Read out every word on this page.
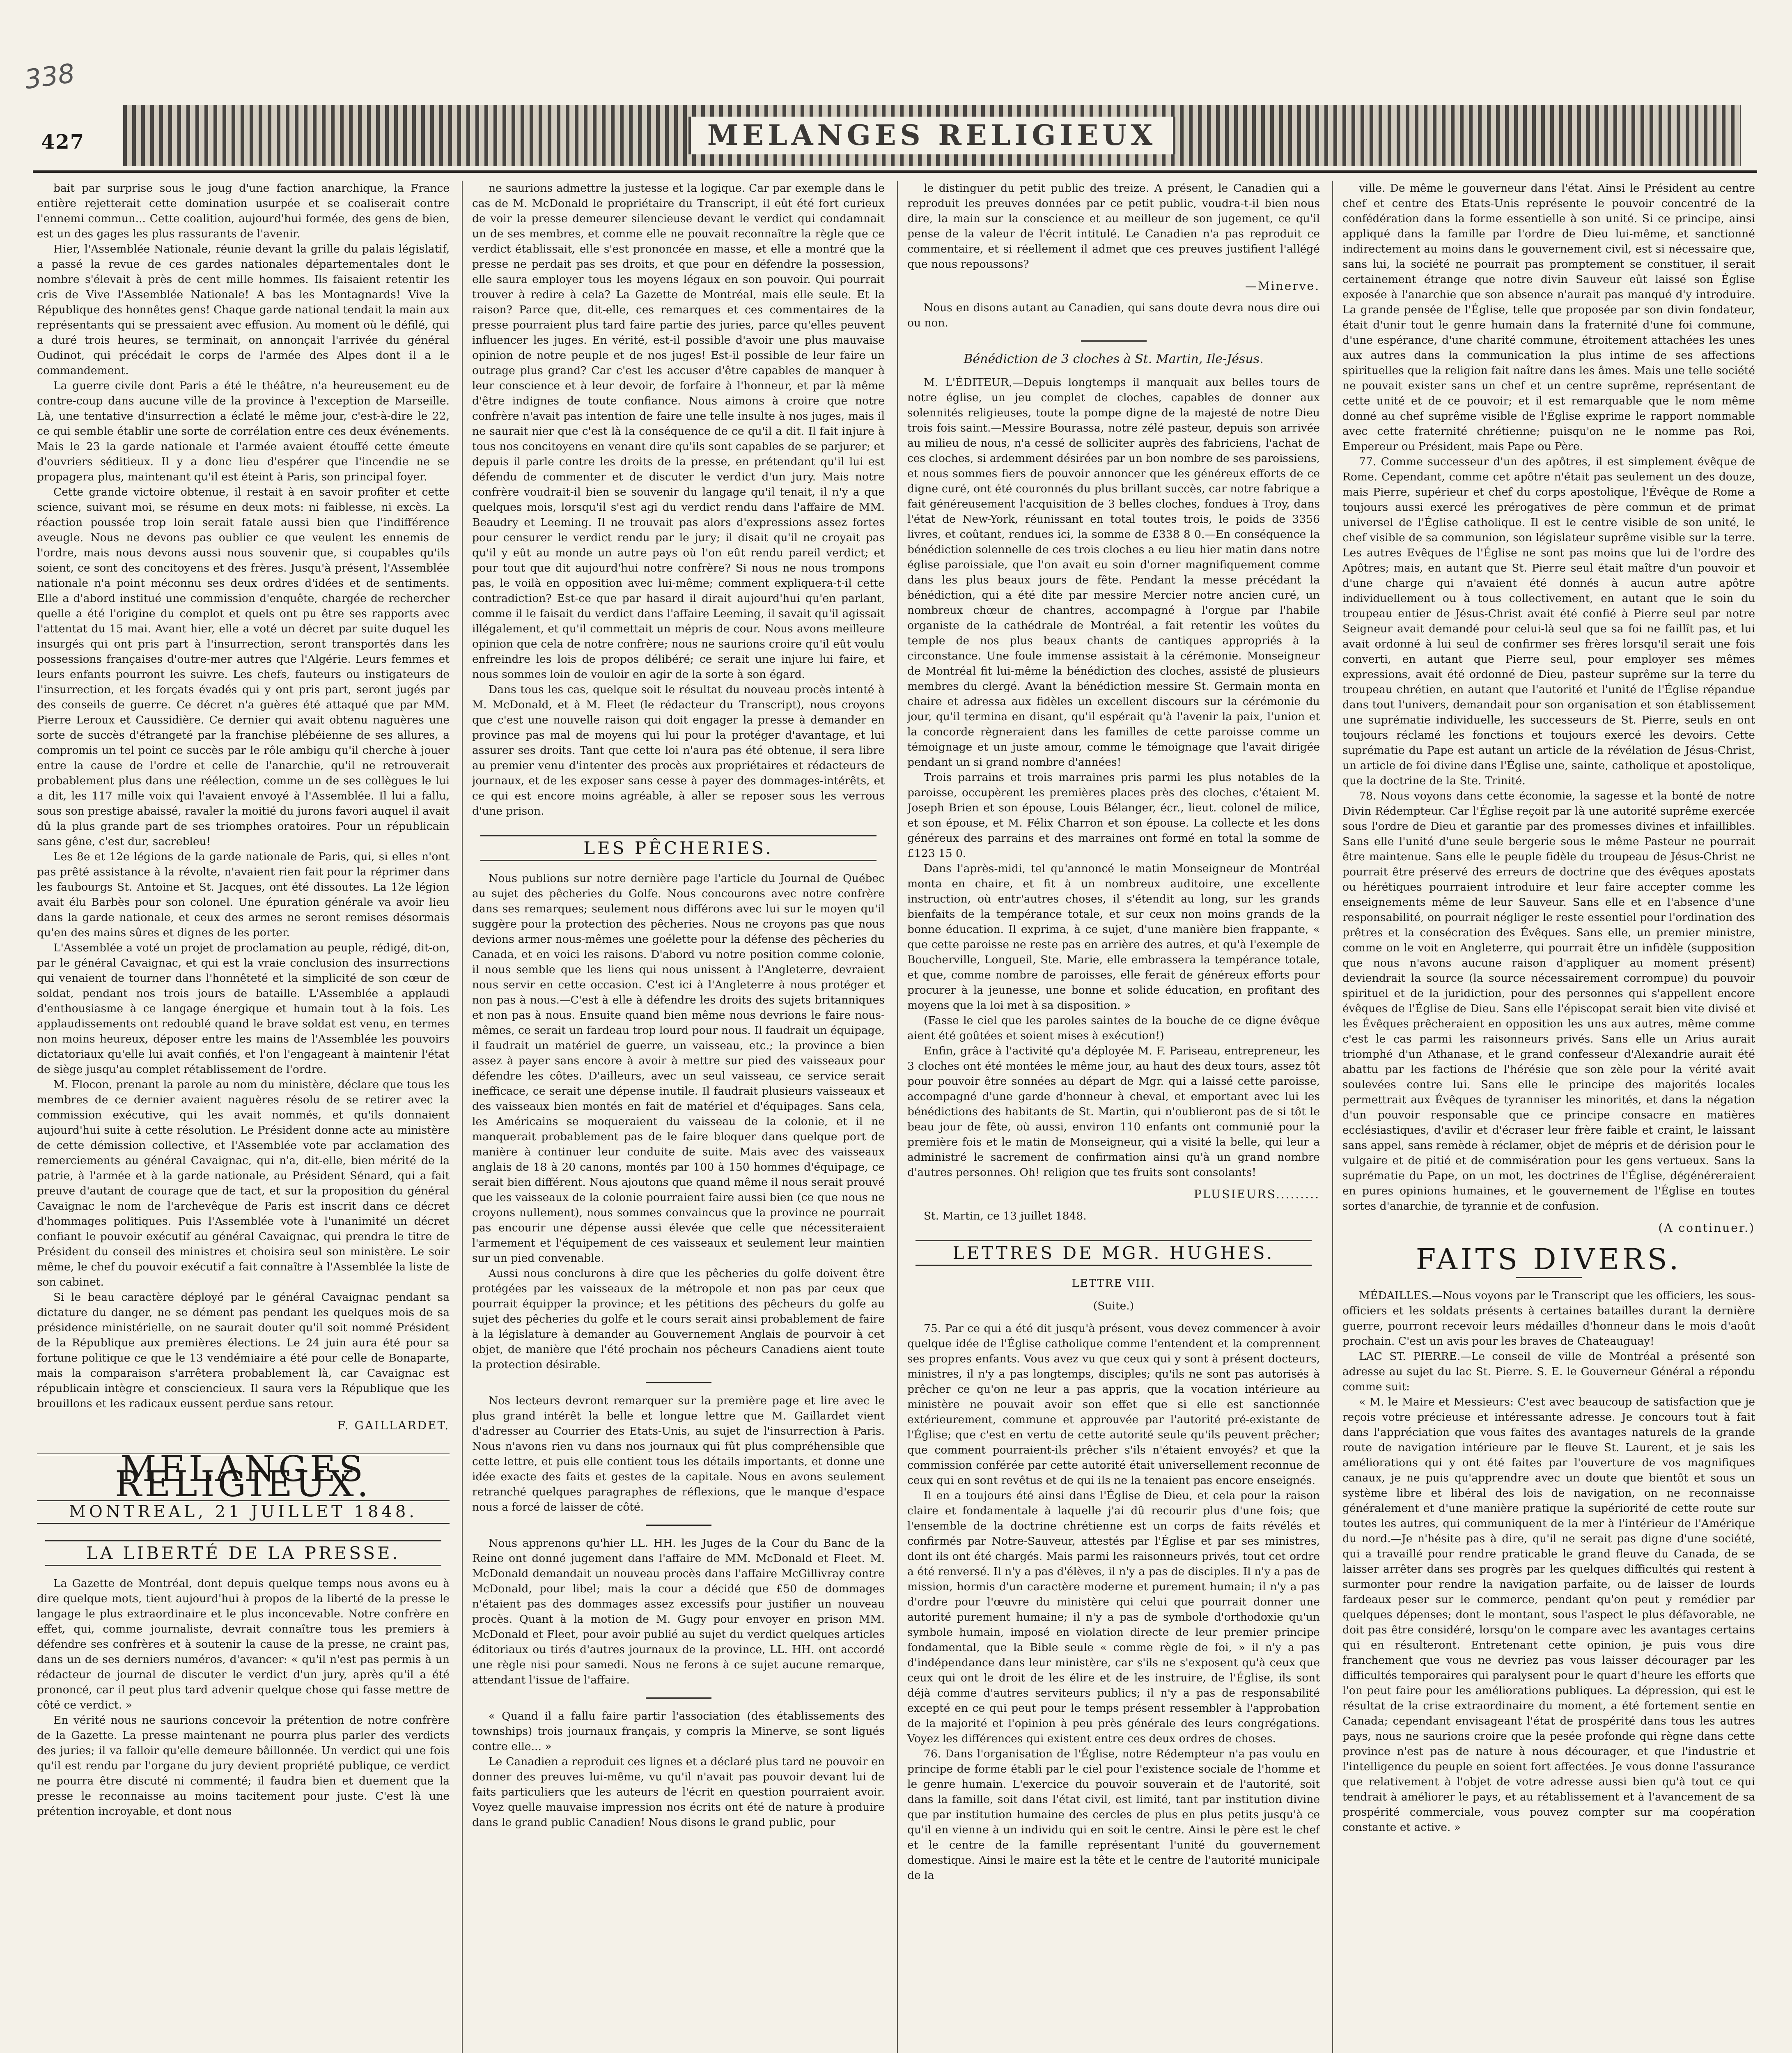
338
427	MELANGES RELIGIEUX

bait par surprise sous le joug d'une faction anarchique, la France entière rejetterait cette domination usurpée et se coaliserait contre l'ennemi commun... Cette coalition, aujourd'hui formée, des gens de bien, est un des gages les plus rassurants de l'avenir.

Hier, l'Assemblée Nationale, réunie devant la grille du palais législatif, a passé la revue de ces gardes nationales départementales dont le nombre s'élevait à près de cent mille hommes. Ils faisaient retentir les cris de Vive l'Assemblée Nationale! A bas les Montagnards! Vive la République des honnêtes gens! Chaque garde national tendait la main aux représentants qui se pressaient avec effusion. Au moment où le défilé, qui a duré trois heures, se terminait, on annonçait l'arrivée du général Oudinot, qui précédait le corps de l'armée des Alpes dont il a le commandement.

La guerre civile dont Paris a été le théâtre, n'a heureusement eu de contre-coup dans aucune ville de la province à l'exception de Marseille. Là, une tentative d'insurrection a éclaté le même jour, c'est-à-dire le 22, ce qui semble établir une sorte de corrélation entre ces deux événements. Mais le 23 la garde nationale et l'armée avaient étouffé cette émeute d'ouvriers séditieux. Il y a donc lieu d'espérer que l'incendie ne se propagera plus, maintenant qu'il est éteint à Paris, son principal foyer.

Cette grande victoire obtenue, il restait à en savoir profiter et cette science, suivant moi, se résume en deux mots: ni faiblesse, ni excès. La réaction poussée trop loin serait fatale aussi bien que l'indifférence aveugle. Nous ne devons pas oublier ce que veulent les ennemis de l'ordre, mais nous devons aussi nous souvenir que, si coupables qu'ils soient, ce sont des concitoyens et des frères. Jusqu'à présent, l'Assemblée nationale n'a point méconnu ses deux ordres d'idées et de sentiments. Elle a d'abord institué une commission d'enquête, chargée de rechercher quelle a été l'origine du complot et quels ont pu être ses rapports avec l'attentat du 15 mai. Avant hier, elle a voté un décret par suite duquel les insurgés qui ont pris part à l'insurrection, seront transportés dans les possessions françaises d'outre-mer autres que l'Algérie. Leurs femmes et leurs enfants pourront les suivre. Les chefs, fauteurs ou instigateurs de l'insurrection, et les forçats évadés qui y ont pris part, seront jugés par des conseils de guerre. Ce décret n'a guères été attaqué que par MM. Pierre Leroux et Caussidière. Ce dernier qui avait obtenu naguères une sorte de succès d'étrangeté par la franchise plébéienne de ses allures, a compromis un tel point ce succès par le rôle ambigu qu'il cherche à jouer entre la cause de l'ordre et celle de l'anarchie, qu'il ne retrouverait probablement plus dans une réélection, comme un de ses collègues le lui a dit, les 117 mille voix qui l'avaient envoyé à l'Assemblée. Il lui a fallu, sous son prestige abaissé, ravaler la moitié du jurons favori auquel il avait dû la plus grande part de ses triomphes oratoires. Pour un républicain sans gêne, c'est dur, sacrebleu!

Les 8e et 12e légions de la garde nationale de Paris, qui, si elles n'ont pas prêté assistance à la révolte, n'avaient rien fait pour la réprimer dans les faubourgs St. Antoine et St. Jacques, ont été dissoutes. La 12e légion avait élu Barbès pour son colonel. Une épuration générale va avoir lieu dans la garde nationale, et ceux des armes ne seront remises désormais qu'en des mains sûres et dignes de les porter.

L'Assemblée a voté un projet de proclamation au peuple, rédigé, dit-on, par le général Cavaignac, et qui est la vraie conclusion des insurrections qui venaient de tourner dans l'honnêteté et la simplicité de son cœur de soldat, pendant nos trois jours de bataille. L'Assemblée a applaudi d'enthousiasme à ce langage énergique et humain tout à la fois. Les applaudissements ont redoublé quand le brave soldat est venu, en termes non moins heureux, déposer entre les mains de l'Assemblée les pouvoirs dictatoriaux qu'elle lui avait confiés, et l'on l'engageant à maintenir l'état de siège jusqu'au complet rétablissement de l'ordre.

M. Flocon, prenant la parole au nom du ministère, déclare que tous les membres de ce dernier avaient naguères résolu de se retirer avec la commission exécutive, qui les avait nommés, et qu'ils donnaient aujourd'hui suite à cette résolution. Le Président donne acte au ministère de cette démission collective, et l'Assemblée vote par acclamation des remerciements au général Cavaignac, qui n'a, dit-elle, bien mérité de la patrie, à l'armée et à la garde nationale, au Président Sénard, qui a fait preuve d'autant de courage que de tact, et sur la proposition du général Cavaignac le nom de l'archevêque de Paris est inscrit dans ce décret d'hommages politiques. Puis l'Assemblée vote à l'unanimité un décret confiant le pouvoir exécutif au général Cavaignac, qui prendra le titre de Président du conseil des ministres et choisira seul son ministère. Le soir même, le chef du pouvoir exécutif a fait connaître à l'Assemblée la liste de son cabinet.

Si le beau caractère déployé par le général Cavaignac pendant sa dictature du danger, ne se dément pas pendant les quelques mois de sa présidence ministérielle, on ne saurait douter qu'il soit nommé Président de la République aux premières élections. Le 24 juin aura été pour sa fortune politique ce que le 13 vendémiaire a été pour celle de Bonaparte, mais la comparaison s'arrêtera probablement là, car Cavaignac est républicain intègre et consciencieux. Il saura vers la République que les brouillons et les radicaux eussent perdue sans retour.

F. GAILLARDET.
MELANGES RELIGIEUX.
MONTREAL, 21 JUILLET 1848.
LA LIBERTÉ DE LA PRESSE.

La Gazette de Montréal, dont depuis quelque temps nous avons eu à dire quelque mots, tient aujourd'hui à propos de la liberté de la presse le langage le plus extraordinaire et le plus inconcevable. Notre confrère en effet, qui, comme journaliste, devrait connaître tous les premiers à défendre ses confrères et à soutenir la cause de la presse, ne craint pas, dans un de ses derniers numéros, d'avancer: « qu'il n'est pas permis à un rédacteur de journal de discuter le verdict d'un jury, après qu'il a été prononcé, car il peut plus tard advenir quelque chose qui fasse mettre de côté ce verdict. »

En vérité nous ne saurions concevoir la prétention de notre confrère de la Gazette. La presse maintenant ne pourra plus parler des verdicts des juries; il va falloir qu'elle demeure bâillonnée. Un verdict qui une fois qu'il est rendu par l'organe du jury devient propriété publique, ce verdict ne pourra être discuté ni commenté; il faudra bien et duement que la presse le reconnaisse au moins tacitement pour juste. C'est là une prétention incroyable, et dont nous

ne saurions admettre la justesse et la logique. Car par exemple dans le cas de M. McDonald le propriétaire du Transcript, il eût été fort curieux de voir la presse demeurer silencieuse devant le verdict qui condamnait un de ses membres, et comme elle ne pouvait reconnaître la règle que ce verdict établissait, elle s'est prononcée en masse, et elle a montré que la presse ne perdait pas ses droits, et que pour en défendre la possession, elle saura employer tous les moyens légaux en son pouvoir. Qui pourrait trouver à redire à cela? La Gazette de Montréal, mais elle seule. Et la raison? Parce que, dit-elle, ces remarques et ces commentaires de la presse pourraient plus tard faire partie des juries, parce qu'elles peuvent influencer les juges. En vérité, est-il possible d'avoir une plus mauvaise opinion de notre peuple et de nos juges! Est-il possible de leur faire un outrage plus grand? Car c'est les accuser d'être capables de manquer à leur conscience et à leur devoir, de forfaire à l'honneur, et par là même d'être indignes de toute confiance. Nous aimons à croire que notre confrère n'avait pas intention de faire une telle insulte à nos juges, mais il ne saurait nier que c'est là la conséquence de ce qu'il a dit. Il fait injure à tous nos concitoyens en venant dire qu'ils sont capables de se parjurer; et depuis il parle contre les droits de la presse, en prétendant qu'il lui est défendu de commenter et de discuter le verdict d'un jury. Mais notre confrère voudrait-il bien se souvenir du langage qu'il tenait, il n'y a que quelques mois, lorsqu'il s'est agi du verdict rendu dans l'affaire de MM. Beaudry et Leeming. Il ne trouvait pas alors d'expressions assez fortes pour censurer le verdict rendu par le jury; il disait qu'il ne croyait pas qu'il y eût au monde un autre pays où l'on eût rendu pareil verdict; et pour tout que dit aujourd'hui notre confrère? Si nous ne nous trompons pas, le voilà en opposition avec lui-même; comment expliquera-t-il cette contradiction? Est-ce que par hasard il dirait aujourd'hui qu'en parlant, comme il le faisait du verdict dans l'affaire Leeming, il savait qu'il agissait illégalement, et qu'il commettait un mépris de cour. Nous avons meilleure opinion que cela de notre confrère; nous ne saurions croire qu'il eût voulu enfreindre les lois de propos délibéré; ce serait une injure lui faire, et nous sommes loin de vouloir en agir de la sorte à son égard.

Dans tous les cas, quelque soit le résultat du nouveau procès intenté à M. McDonald, et à M. Fleet (le rédacteur du Transcript), nous croyons que c'est une nouvelle raison qui doit engager la presse à demander en province pas mal de moyens qui lui pour la protéger d'avantage, et lui assurer ses droits. Tant que cette loi n'aura pas été obtenue, il sera libre au premier venu d'intenter des procès aux propriétaires et rédacteurs de journaux, et de les exposer sans cesse à payer des dommages-intérêts, et ce qui est encore moins agréable, à aller se reposer sous les verrous d'une prison.

LES PÊCHERIES.

Nous publions sur notre dernière page l'article du Journal de Québec au sujet des pêcheries du Golfe. Nous concourons avec notre confrère dans ses remarques; seulement nous différons avec lui sur le moyen qu'il suggère pour la protection des pêcheries. Nous ne croyons pas que nous devions armer nous-mêmes une goélette pour la défense des pêcheries du Canada, et en voici les raisons. D'abord vu notre position comme colonie, il nous semble que les liens qui nous unissent à l'Angleterre, devraient nous servir en cette occasion. C'est ici à l'Angleterre à nous protéger et non pas à nous.—C'est à elle à défendre les droits des sujets britanniques et non pas à nous. Ensuite quand bien même nous devrions le faire nous-mêmes, ce serait un fardeau trop lourd pour nous. Il faudrait un équipage, il faudrait un matériel de guerre, un vaisseau, etc.; la province a bien assez à payer sans encore à avoir à mettre sur pied des vaisseaux pour défendre les côtes. D'ailleurs, avec un seul vaisseau, ce service serait inefficace, ce serait une dépense inutile. Il faudrait plusieurs vaisseaux et des vaisseaux bien montés en fait de matériel et d'équipages. Sans cela, les Américains se moqueraient du vaisseau de la colonie, et il ne manquerait probablement pas de le faire bloquer dans quelque port de manière à continuer leur conduite de suite. Mais avec des vaisseaux anglais de 18 à 20 canons, montés par 100 à 150 hommes d'équipage, ce serait bien différent. Nous ajoutons que quand même il nous serait prouvé que les vaisseaux de la colonie pourraient faire aussi bien (ce que nous ne croyons nullement), nous sommes convaincus que la province ne pourrait pas encourir une dépense aussi élevée que celle que nécessiteraient l'armement et l'équipement de ces vaisseaux et seulement leur maintien sur un pied convenable.

Aussi nous conclurons à dire que les pêcheries du golfe doivent être protégées par les vaisseaux de la métropole et non pas par ceux que pourrait équipper la province; et les pétitions des pêcheurs du golfe au sujet des pêcheries du golfe et le cours serait ainsi probablement de faire à la législature à demander au Gouvernement Anglais de pourvoir à cet objet, de manière que l'été prochain nos pêcheurs Canadiens aient toute la protection désirable.

Nos lecteurs devront remarquer sur la première page et lire avec le plus grand intérêt la belle et longue lettre que M. Gaillardet vient d'adresser au Courrier des Etats-Unis, au sujet de l'insurrection à Paris. Nous n'avons rien vu dans nos journaux qui fût plus compréhensible que cette lettre, et puis elle contient tous les détails importants, et donne une idée exacte des faits et gestes de la capitale. Nous en avons seulement retranché quelques paragraphes de réflexions, que le manque d'espace nous a forcé de laisser de côté.

Nous apprenons qu'hier LL. HH. les Juges de la Cour du Banc de la Reine ont donné jugement dans l'affaire de MM. McDonald et Fleet. M. McDonald demandait un nouveau procès dans l'affaire McGillivray contre McDonald, pour libel; mais la cour a décidé que £50 de dommages n'étaient pas des dommages assez excessifs pour justifier un nouveau procès. Quant à la motion de M. Gugy pour envoyer en prison MM. McDonald et Fleet, pour avoir publié au sujet du verdict quelques articles éditoriaux ou tirés d'autres journaux de la province, LL. HH. ont accordé une règle nisi pour samedi. Nous ne ferons à ce sujet aucune remarque, attendant l'issue de l'affaire.

« Quand il a fallu faire partir l'association (des établissements des townships) trois journaux français, y compris la Minerve, se sont ligués contre elle... »

Le Canadien a reproduit ces lignes et a déclaré plus tard ne pouvoir en donner des preuves lui-même, vu qu'il n'avait pas pouvoir devant lui de faits particuliers que les auteurs de l'écrit en question pourraient avoir. Voyez quelle mauvaise impression nos écrits ont été de nature à produire dans le grand public Canadien! Nous disons le grand public, pour

le distinguer du petit public des treize. A présent, le Canadien qui a reproduit les preuves données par ce petit public, voudra-t-il bien nous dire, la main sur la conscience et au meilleur de son jugement, ce qu'il pense de la valeur de l'écrit intitulé. Le Canadien n'a pas reproduit ce commentaire, et si réellement il admet que ces preuves justifient l'allégé que nous repoussons?

—Minerve.

Nous en disons autant au Canadien, qui sans doute devra nous dire oui ou non.

Bénédiction de 3 cloches à St. Martin, Ile-Jésus.

M. L'ÉDITEUR,—Depuis longtemps il manquait aux belles tours de notre église, un jeu complet de cloches, capables de donner aux solennités religieuses, toute la pompe digne de la majesté de notre Dieu trois fois saint.—Messire Bourassa, notre zélé pasteur, depuis son arrivée au milieu de nous, n'a cessé de solliciter auprès des fabriciens, l'achat de ces cloches, si ardemment désirées par un bon nombre de ses paroissiens, et nous sommes fiers de pouvoir annoncer que les généreux efforts de ce digne curé, ont été couronnés du plus brillant succès, car notre fabrique a fait généreusement l'acquisition de 3 belles cloches, fondues à Troy, dans l'état de New-York, réunissant en total toutes trois, le poids de 3356 livres, et coûtant, rendues ici, la somme de £338 8 0.—En conséquence la bénédiction solennelle de ces trois cloches a eu lieu hier matin dans notre église paroissiale, que l'on avait eu soin d'orner magnifiquement comme dans les plus beaux jours de fête. Pendant la messe précédant la bénédiction, qui a été dite par messire Mercier notre ancien curé, un nombreux chœur de chantres, accompagné à l'orgue par l'habile organiste de la cathédrale de Montréal, a fait retentir les voûtes du temple de nos plus beaux chants de cantiques appropriés à la circonstance. Une foule immense assistait à la cérémonie. Monseigneur de Montréal fit lui-même la bénédiction des cloches, assisté de plusieurs membres du clergé. Avant la bénédiction messire St. Germain monta en chaire et adressa aux fidèles un excellent discours sur la cérémonie du jour, qu'il termina en disant, qu'il espérait qu'à l'avenir la paix, l'union et la concorde règneraient dans les familles de cette paroisse comme un témoignage et un juste amour, comme le témoignage que l'avait dirigée pendant un si grand nombre d'années!

Trois parrains et trois marraines pris parmi les plus notables de la paroisse, occupèrent les premières places près des cloches, c'étaient M. Joseph Brien et son épouse, Louis Bélanger, écr., lieut. colonel de milice, et son épouse, et M. Félix Charron et son épouse. La collecte et les dons généreux des parrains et des marraines ont formé en total la somme de £123 15 0.

Dans l'après-midi, tel qu'annoncé le matin Monseigneur de Montréal monta en chaire, et fit à un nombreux auditoire, une excellente instruction, où entr'autres choses, il s'étendit au long, sur les grands bienfaits de la tempérance totale, et sur ceux non moins grands de la bonne éducation. Il exprima, à ce sujet, d'une manière bien frappante, « que cette paroisse ne reste pas en arrière des autres, et qu'à l'exemple de Boucherville, Longueil, Ste. Marie, elle embrassera la tempérance totale, et que, comme nombre de paroisses, elle ferait de généreux efforts pour procurer à la jeunesse, une bonne et solide éducation, en profitant des moyens que la loi met à sa disposition. »

(Fasse le ciel que les paroles saintes de la bouche de ce digne évêque aient été goûtées et soient mises à exécution!)

Enfin, grâce à l'activité qu'a déployée M. F. Pariseau, entrepreneur, les 3 cloches ont été montées le même jour, au haut des deux tours, assez tôt pour pouvoir être sonnées au départ de Mgr. qui a laissé cette paroisse, accompagné d'une garde d'honneur à cheval, et emportant avec lui les bénédictions des habitants de St. Martin, qui n'oublieront pas de si tôt le beau jour de fête, où aussi, environ 110 enfants ont communié pour la première fois et le matin de Monseigneur, qui a visité la belle, qui leur a administré le sacrement de confirmation ainsi qu'à un grand nombre d'autres personnes. Oh! religion que tes fruits sont consolants!

PLUSIEURS.........

St. Martin, ce 13 juillet 1848.

LETTRES DE MGR. HUGHES.
LETTRE VIII.
(Suite.)

75. Par ce qui a été dit jusqu'à présent, vous devez commencer à avoir quelque idée de l'Église catholique comme l'entendent et la comprennent ses propres enfants. Vous avez vu que ceux qui y sont à présent docteurs, ministres, il n'y a pas longtemps, disciples; qu'ils ne sont pas autorisés à prêcher ce qu'on ne leur a pas appris, que la vocation intérieure au ministère ne pouvait avoir son effet que si elle est sanctionnée extérieurement, commune et approuvée par l'autorité pré-existante de l'Église; que c'est en vertu de cette autorité seule qu'ils peuvent prêcher; que comment pourraient-ils prêcher s'ils n'étaient envoyés? et que la commission conférée par cette autorité était universellement reconnue de ceux qui en sont revêtus et de qui ils ne la tenaient pas encore enseignés.

Il en a toujours été ainsi dans l'Église de Dieu, et cela pour la raison claire et fondamentale à laquelle j'ai dû recourir plus d'une fois; que l'ensemble de la doctrine chrétienne est un corps de faits révélés et confirmés par Notre-Sauveur, attestés par l'Église et par ses ministres, dont ils ont été chargés. Mais parmi les raisonneurs privés, tout cet ordre a été renversé. Il n'y a pas d'élèves, il n'y a pas de disciples. Il n'y a pas de mission, hormis d'un caractère moderne et purement humain; il n'y a pas d'ordre pour l'œuvre du ministère qui celui que pourrait donner une autorité purement humaine; il n'y a pas de symbole d'orthodoxie qu'un symbole humain, imposé en violation directe de leur premier principe fondamental, que la Bible seule « comme règle de foi, » il n'y a pas d'indépendance dans leur ministère, car s'ils ne s'exposent qu'à ceux que ceux qui ont le droit de les élire et de les instruire, de l'Église, ils sont déjà comme d'autres serviteurs publics; il n'y a pas de responsabilité excepté en ce qui peut pour le temps présent ressembler à l'approbation de la majorité et l'opinion à peu près générale des leurs congrégations. Voyez les différences qui existent entre ces deux ordres de choses.

76. Dans l'organisation de l'Église, notre Rédempteur n'a pas voulu en principe de forme établi par le ciel pour l'existence sociale de l'homme et le genre humain. L'exercice du pouvoir souverain et de l'autorité, soit dans la famille, soit dans l'état civil, est limité, tant par institution divine que par institution humaine des cercles de plus en plus petits jusqu'à ce qu'il en vienne à un individu qui en soit le centre. Ainsi le père est le chef et le centre de la famille représentant l'unité du gouvernement domestique. Ainsi le maire est la tête et le centre de l'autorité municipale de la

ville. De même le gouverneur dans l'état. Ainsi le Président au centre chef et centre des Etats-Unis représente le pouvoir concentré de la confédération dans la forme essentielle à son unité. Si ce principe, ainsi appliqué dans la famille par l'ordre de Dieu lui-même, et sanctionné indirectement au moins dans le gouvernement civil, est si nécessaire que, sans lui, la société ne pourrait pas promptement se constituer, il serait certainement étrange que notre divin Sauveur eût laissé son Église exposée à l'anarchie que son absence n'aurait pas manqué d'y introduire. La grande pensée de l'Église, telle que proposée par son divin fondateur, était d'unir tout le genre humain dans la fraternité d'une foi commune, d'une espérance, d'une charité commune, étroitement attachées les unes aux autres dans la communication la plus intime de ses affections spirituelles que la religion fait naître dans les âmes. Mais une telle société ne pouvait exister sans un chef et un centre suprême, représentant de cette unité et de ce pouvoir; et il est remarquable que le nom même donné au chef suprême visible de l'Église exprime le rapport nommable avec cette fraternité chrétienne; puisqu'on ne le nomme pas Roi, Empereur ou Président, mais Pape ou Père.

77. Comme successeur d'un des apôtres, il est simplement évêque de Rome. Cependant, comme cet apôtre n'était pas seulement un des douze, mais Pierre, supérieur et chef du corps apostolique, l'Évêque de Rome a toujours aussi exercé les prérogatives de père commun et de primat universel de l'Église catholique. Il est le centre visible de son unité, le chef visible de sa communion, son législateur suprême visible sur la terre. Les autres Evêques de l'Église ne sont pas moins que lui de l'ordre des Apôtres; mais, en autant que St. Pierre seul était maître d'un pouvoir et d'une charge qui n'avaient été donnés à aucun autre apôtre individuellement ou à tous collectivement, en autant que le soin du troupeau entier de Jésus-Christ avait été confié à Pierre seul par notre Seigneur avait demandé pour celui-là seul que sa foi ne faillît pas, et lui avait ordonné à lui seul de confirmer ses frères lorsqu'il serait une fois converti, en autant que Pierre seul, pour employer ses mêmes expressions, avait été ordonné de Dieu, pasteur suprême sur la terre du troupeau chrétien, en autant que l'autorité et l'unité de l'Église répandue dans tout l'univers, demandait pour son organisation et son établissement une suprématie individuelle, les successeurs de St. Pierre, seuls en ont toujours réclamé les fonctions et toujours exercé les devoirs. Cette suprématie du Pape est autant un article de la révélation de Jésus-Christ, un article de foi divine dans l'Église une, sainte, catholique et apostolique, que la doctrine de la Ste. Trinité.

78. Nous voyons dans cette économie, la sagesse et la bonté de notre Divin Rédempteur. Car l'Église reçoit par là une autorité suprême exercée sous l'ordre de Dieu et garantie par des promesses divines et infaillibles. Sans elle l'unité d'une seule bergerie sous le même Pasteur ne pourrait être maintenue. Sans elle le peuple fidèle du troupeau de Jésus-Christ ne pourrait être préservé des erreurs de doctrine que des évêques apostats ou hérétiques pourraient introduire et leur faire accepter comme les enseignements même de leur Sauveur. Sans elle et en l'absence d'une responsabilité, on pourrait négliger le reste essentiel pour l'ordination des prêtres et la consécration des Évêques. Sans elle, un premier ministre, comme on le voit en Angleterre, qui pourrait être un infidèle (supposition que nous n'avons aucune raison d'appliquer au moment présent) deviendrait la source (la source nécessairement corrompue) du pouvoir spirituel et de la juridiction, pour des personnes qui s'appellent encore évêques de l'Église de Dieu. Sans elle l'épiscopat serait bien vite divisé et les Évêques prêcheraient en opposition les uns aux autres, même comme c'est le cas parmi les raisonneurs privés. Sans elle un Arius aurait triomphé d'un Athanase, et le grand confesseur d'Alexandrie aurait été abattu par les factions de l'hérésie que son zèle pour la vérité avait soulevées contre lui. Sans elle le principe des majorités locales permettrait aux Évêques de tyranniser les minorités, et dans la négation d'un pouvoir responsable que ce principe consacre en matières ecclésiastiques, d'avilir et d'écraser leur frère faible et craint, le laissant sans appel, sans remède à réclamer, objet de mépris et de dérision pour le vulgaire et de pitié et de commisération pour les gens vertueux. Sans la suprématie du Pape, on un mot, les doctrines de l'Église, dégénéreraient en pures opinions humaines, et le gouvernement de l'Église en toutes sortes d'anarchie, de tyrannie et de confusion.

(A continuer.)
FAITS DIVERS.

MÉDAILLES.—Nous voyons par le Transcript que les officiers, les sous-officiers et les soldats présents à certaines batailles durant la dernière guerre, pourront recevoir leurs médailles d'honneur dans le mois d'août prochain. C'est un avis pour les braves de Chateauguay!

LAC ST. PIERRE.—Le conseil de ville de Montréal a présenté son adresse au sujet du lac St. Pierre. S. E. le Gouverneur Général a répondu comme suit:

« M. le Maire et Messieurs: C'est avec beaucoup de satisfaction que je reçois votre précieuse et intéressante adresse. Je concours tout à fait dans l'appréciation que vous faites des avantages naturels de la grande route de navigation intérieure par le fleuve St. Laurent, et je sais les améliorations qui y ont été faites par l'ouverture de vos magnifiques canaux, je ne puis qu'apprendre avec un doute que bientôt et sous un système libre et libéral des lois de navigation, on ne reconnaisse généralement et d'une manière pratique la supériorité de cette route sur toutes les autres, qui communiquent de la mer à l'intérieur de l'Amérique du nord.—Je n'hésite pas à dire, qu'il ne serait pas digne d'une société, qui a travaillé pour rendre praticable le grand fleuve du Canada, de se laisser arrêter dans ses progrès par les quelques difficultés qui restent à surmonter pour rendre la navigation parfaite, ou de laisser de lourds fardeaux peser sur le commerce, pendant qu'on peut y remédier par quelques dépenses; dont le montant, sous l'aspect le plus défavorable, ne doit pas être considéré, lorsqu'on le compare avec les avantages certains qui en résulteront. Entretenant cette opinion, je puis vous dire franchement que vous ne devriez pas vous laisser décourager par les difficultés temporaires qui paralysent pour le quart d'heure les efforts que l'on peut faire pour les améliorations publiques. La dépression, qui est le résultat de la crise extraordinaire du moment, a été fortement sentie en Canada; cependant envisageant l'état de prospérité dans tous les autres pays, nous ne saurions croire que la pesée profonde qui règne dans cette province n'est pas de nature à nous décourager, et que l'industrie et l'intelligence du peuple en soient fort affectées. Je vous donne l'assurance que relativement à l'objet de votre adresse aussi bien qu'à tout ce qui tendrait à améliorer le pays, et au rétablissement et à l'avancement de sa prospérité commerciale, vous pouvez compter sur ma coopération constante et active. »
